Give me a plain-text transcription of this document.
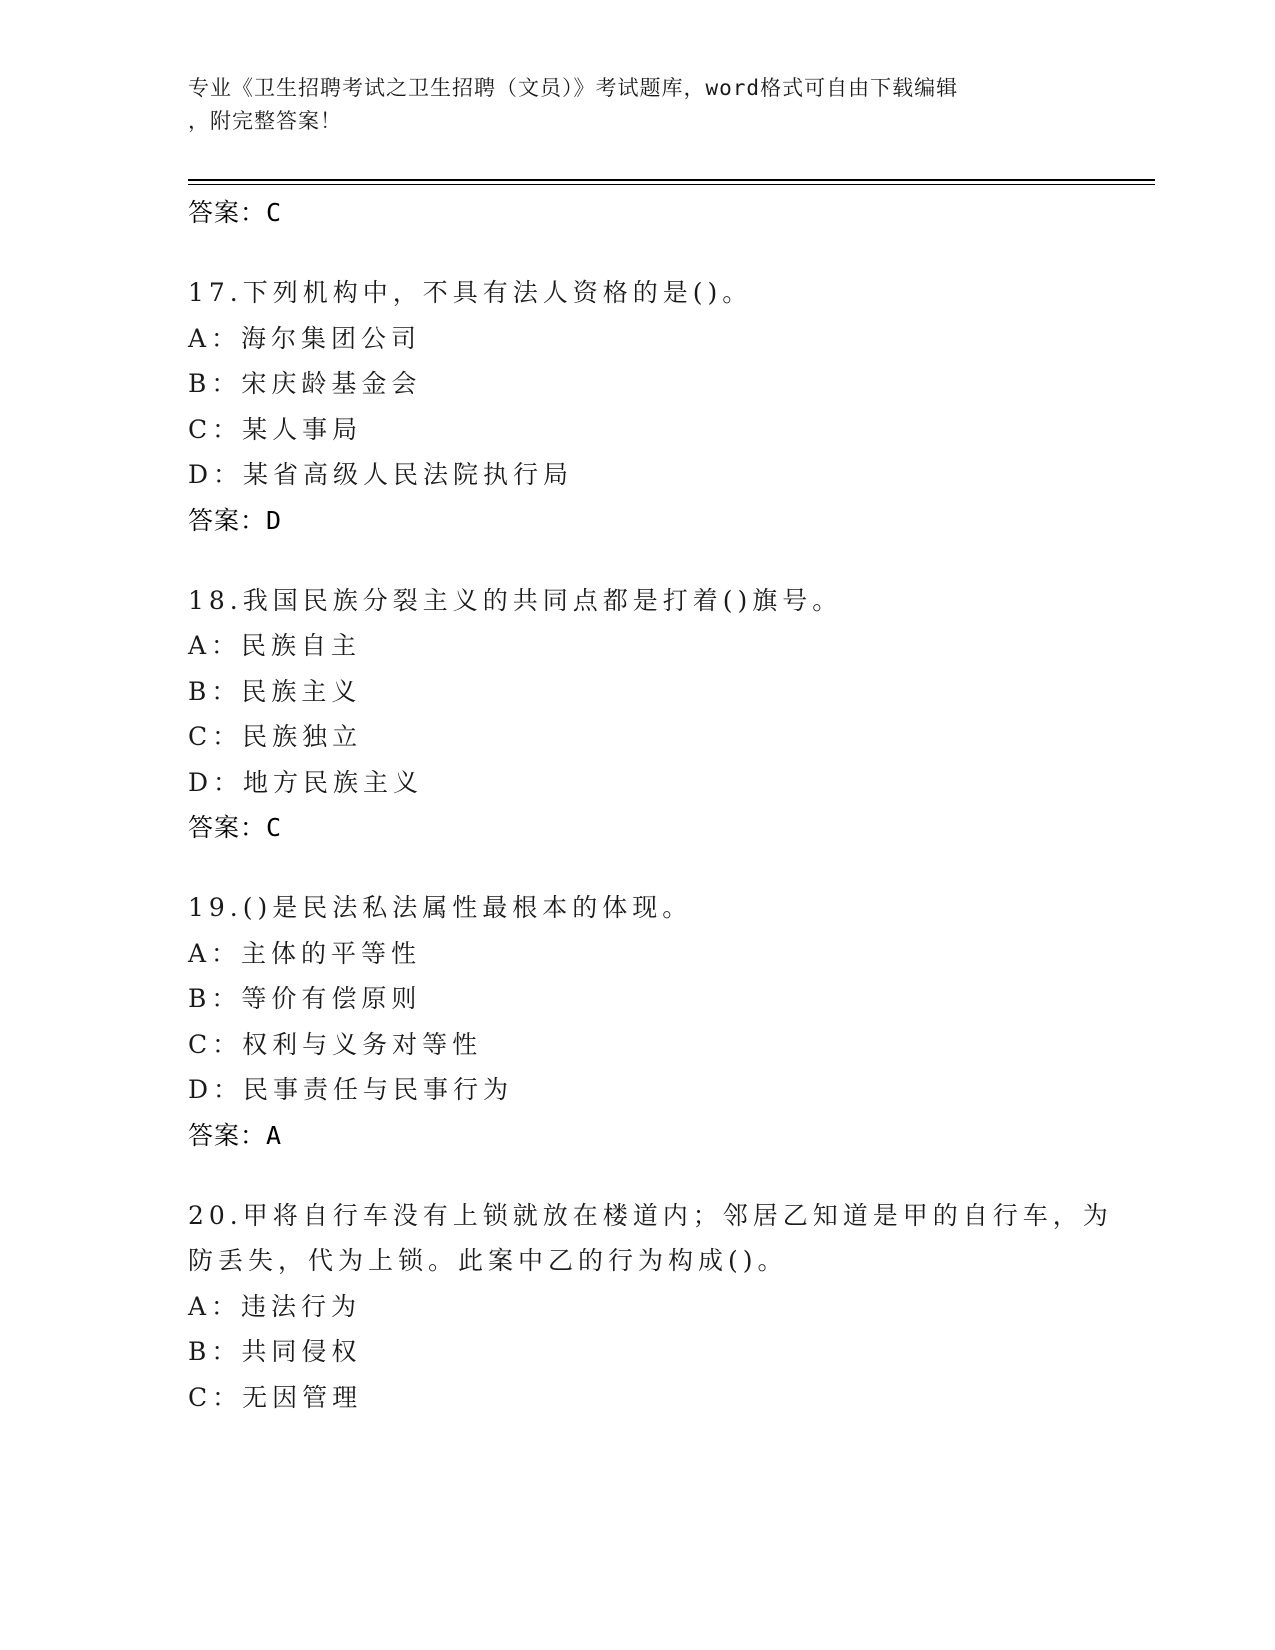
专业《卫生招聘考试之卫生招聘（文员）》考试题库，word格式可自由下载编辑
，附完整答案！
答案：C
17.下列机构中，不具有法人资格的是()。
A：海尔集团公司
B：宋庆龄基金会
C：某人事局
D：某省高级人民法院执行局
答案：D
18.我国民族分裂主义的共同点都是打着()旗号。
A：民族自主
B：民族主义
C：民族独立
D：地方民族主义
答案：C
19.()是民法私法属性最根本的体现。
A：主体的平等性
B：等价有偿原则
C：权利与义务对等性
D：民事责任与民事行为
答案：A
20.甲将自行车没有上锁就放在楼道内；邻居乙知道是甲的自行车，为
防丢失，代为上锁。此案中乙的行为构成()。
A：违法行为
B：共同侵权
C：无因管理
